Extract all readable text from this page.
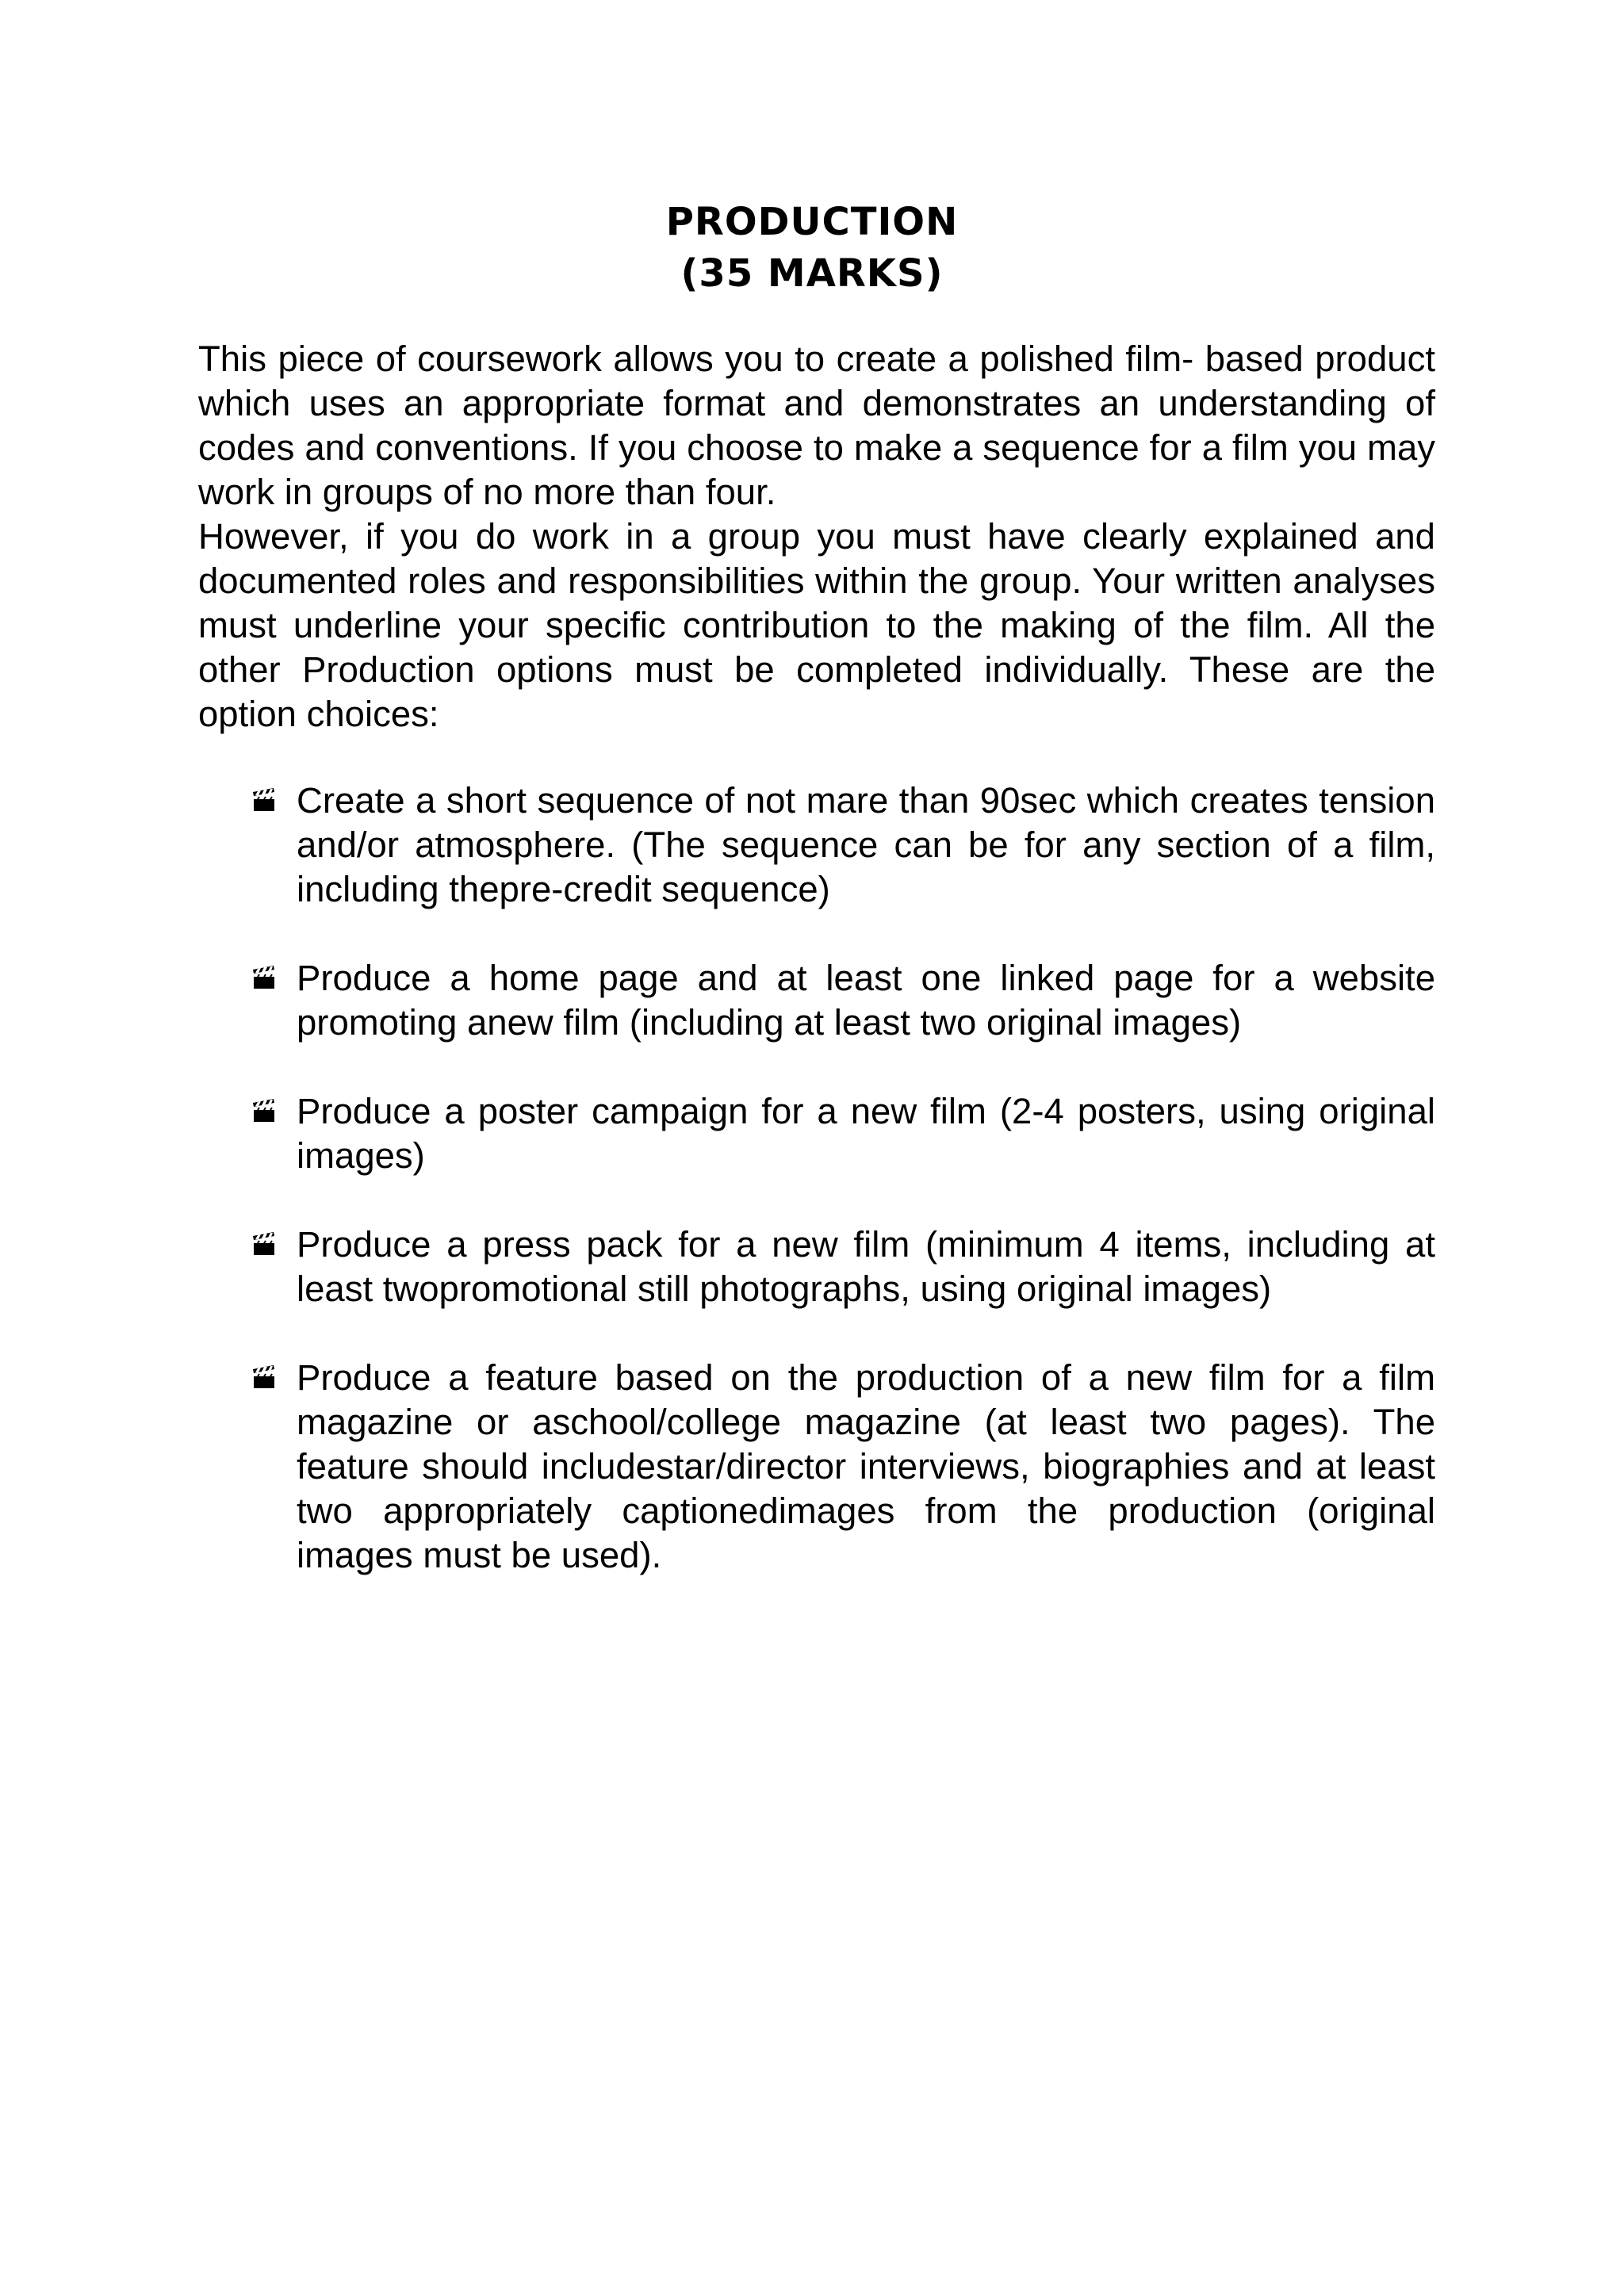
PRODUCTION
(35 MARKS)
This piece of coursework allows you to create a polished film- based product which uses an appropriate format and demonstrates an understanding of codes and conventions. If you choose to make a sequence for a film you may work in groups of no more than four.
However, if you do work in a group you must have clearly explained and documented roles and responsibilities within the group. Your written analyses must underline your specific contribution to the making of the film. All the other Production options must be completed individually. These are the option choices:
Create a short sequence of not mare than 90sec which creates tension and/or atmosphere. (The sequence can be for any section of a film, including thepre-credit sequence)
Produce a home page and at least one linked page for a website promoting anew film (including at least two original images)
Produce a poster campaign for a new film (2-4 posters, using original images)
Produce a press pack for a new film (minimum 4 items, including at least twopromotional still photographs, using original images)
Produce a feature based on the production of a new film for a film magazine or aschool/college magazine (at least two pages). The feature should includestar/director interviews, biographies and at least two appropriately captionedimages from the production (original images must be used).
